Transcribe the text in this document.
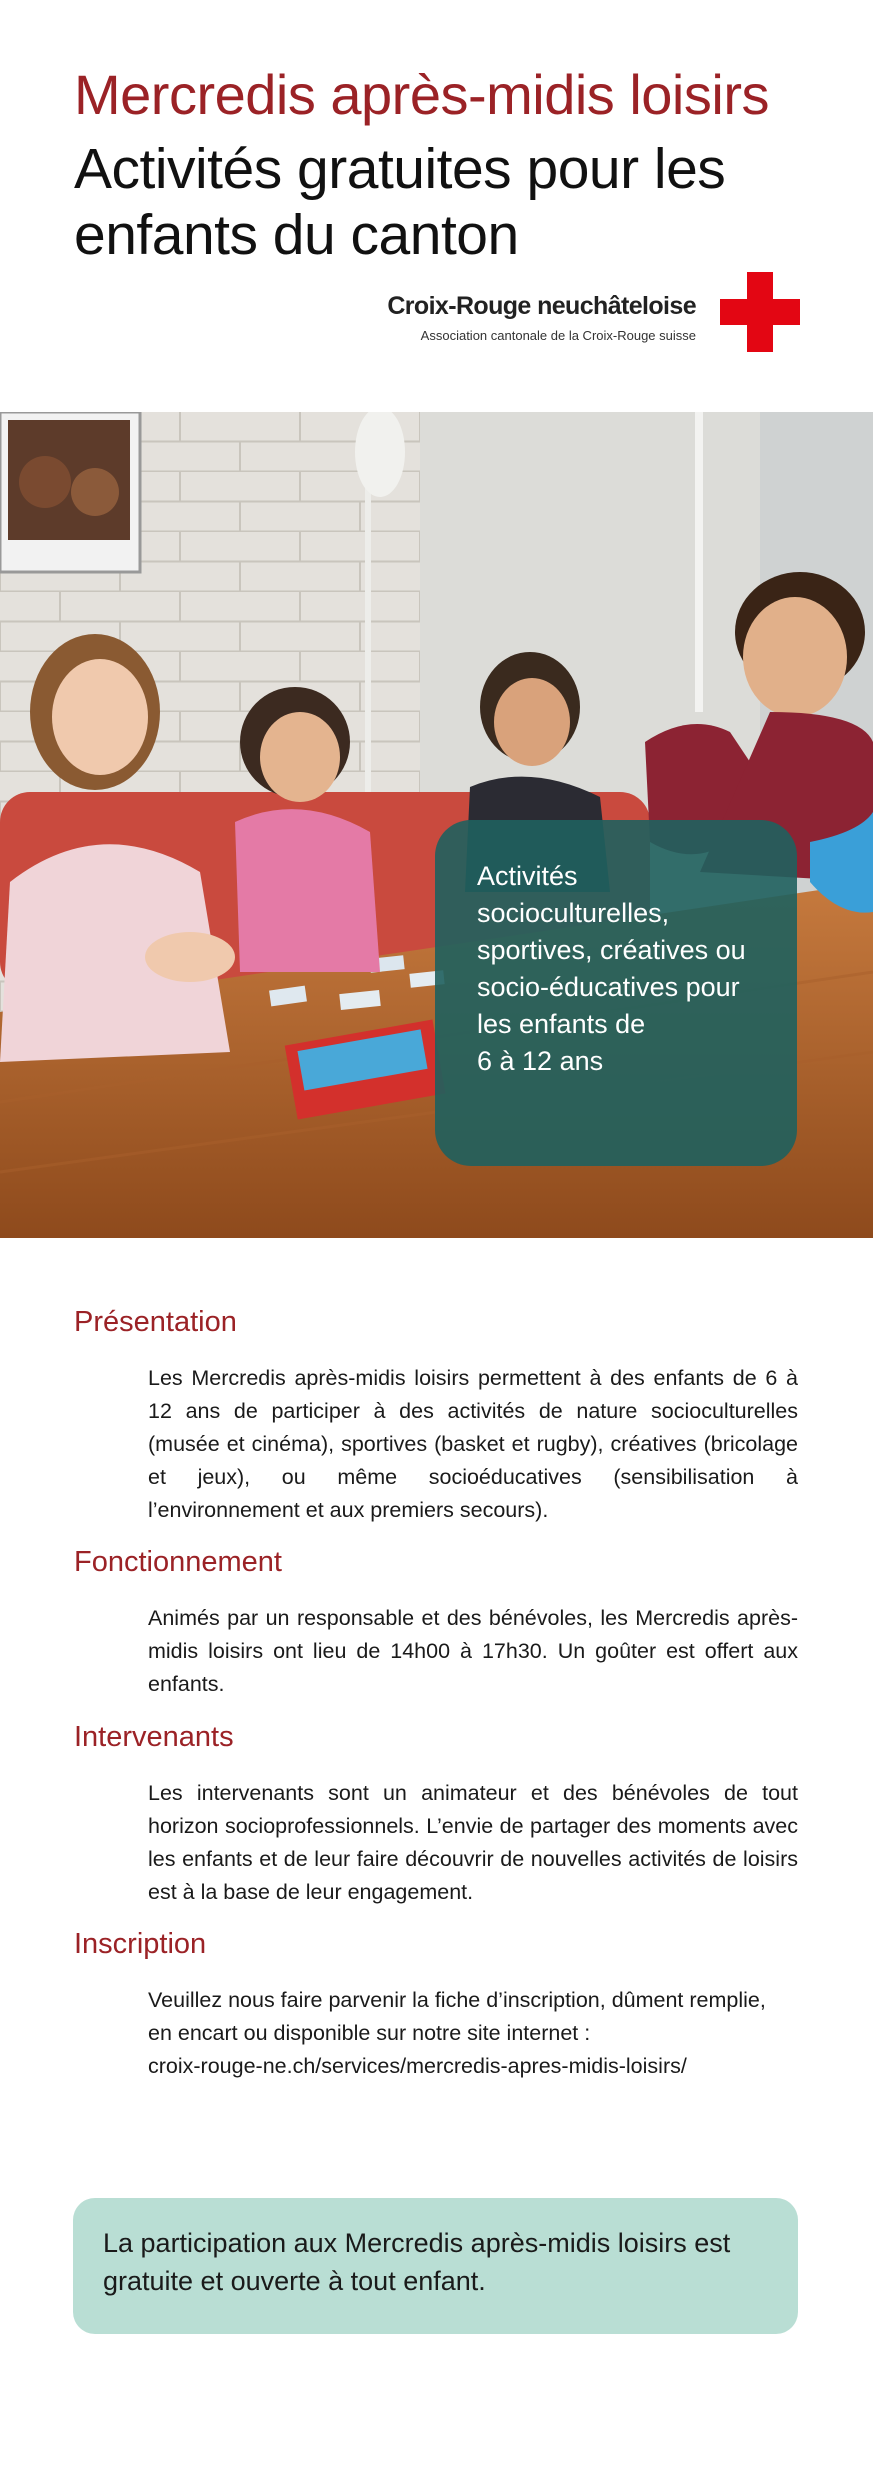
Mercredis après-midis loisirs
Activités gratuites pour les enfants du canton
Croix-Rouge neuchâteloise
Association cantonale de la Croix-Rouge suisse
Activités
socioculturelles,
sportives, créatives ou
socio-éducatives pour
les enfants de
6 à 12 ans
Présentation

Les Mercredis après-midis loisirs permettent à des enfants de 6 à 12 ans de participer à des activités de nature socioculturelles (musée et cinéma), sportives (basket et rugby), créatives (bricolage et jeux), ou même socioéducatives (sensibilisation à l’environnement et aux premiers secours).

Fonctionnement

Animés par un responsable et des bénévoles, les Mercredis après-midis loisirs ont lieu de 14h00 à 17h30. Un goûter est offert aux enfants.

Intervenants

Les intervenants sont un animateur et des bénévoles de tout horizon socioprofessionnels. L’envie de partager des moments avec les enfants et de leur faire découvrir de nouvelles activités de loisirs est à la base de leur engagement.

Inscription
Veuillez nous faire parvenir la fiche d’inscription, dûment remplie,
en encart ou disponible sur notre site internet :
croix-rouge-ne.ch/services/mercredis-apres-midis-loisirs/
La participation aux Mercredis après-midis loisirs est gratuite et ouverte à tout enfant.
